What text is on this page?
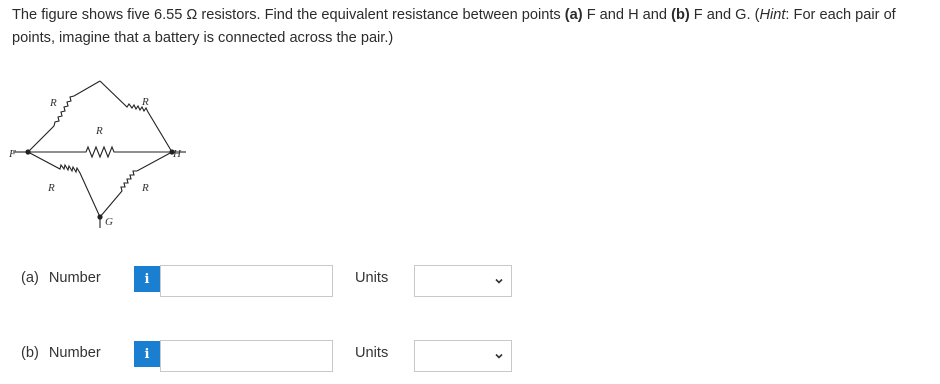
The figure shows five 6.55 Ω resistors. Find the equivalent resistance between points (a) F and H and (b) F and G. (Hint: For each pair of points, imagine that a battery is connected across the pair.)
R	R
R
R	R
F	H
G
(a) Number	i	Units
(b) Number	i	Units
